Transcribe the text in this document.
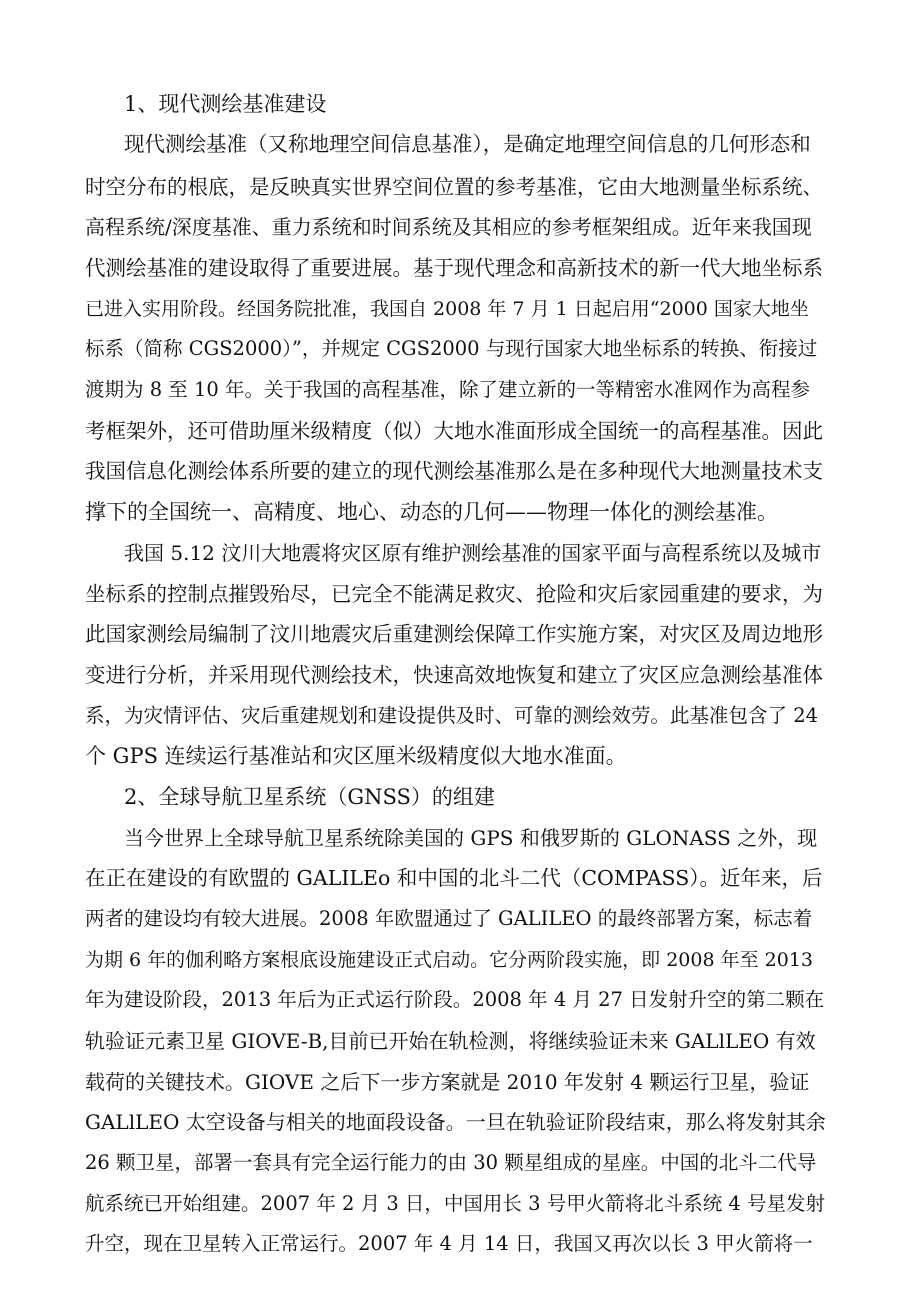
1、现代测绘基准建设
现代测绘基准（又称地理空间信息基准），是确定地理空间信息的几何形态和
时空分布的根底，是反映真实世界空间位置的参考基准，它由大地测量坐标系统、
高程系统/深度基准、重力系统和时间系统及其相应的参考框架组成。近年来我国现
代测绘基准的建设取得了重要进展。基于现代理念和高新技术的新一代大地坐标系
已进入实用阶段。经国务院批准，我国自 2008 年 7 月 1 日起启用“2000 国家大地坐
标系（简称 CGS2000）”，并规定 CGS2000 与现行国家大地坐标系的转换、衔接过
渡期为 8 至 10 年。关于我国的高程基准，除了建立新的一等精密水准网作为高程参
考框架外，还可借助厘米级精度（似）大地水准面形成全国统一的高程基准。因此
我国信息化测绘体系所要的建立的现代测绘基准那么是在多种现代大地测量技术支
撑下的全国统一、高精度、地心、动态的几何——物理一体化的测绘基准。
我国 5.12 汶川大地震将灾区原有维护测绘基准的国家平面与高程系统以及城市
坐标系的控制点摧毁殆尽，已完全不能满足救灾、抢险和灾后家园重建的要求，为
此国家测绘局编制了汶川地震灾后重建测绘保障工作实施方案，对灾区及周边地形
变进行分析，并采用现代测绘技术，快速高效地恢复和建立了灾区应急测绘基准体
系，为灾情评估、灾后重建规划和建设提供及时、可靠的测绘效劳。此基准包含了 24
个 GPS 连续运行基准站和灾区厘米级精度似大地水准面。
2、全球导航卫星系统（GNSS）的组建
当今世界上全球导航卫星系统除美国的 GPS 和俄罗斯的 GLONASS 之外，现
在正在建设的有欧盟的 GALILEo 和中国的北斗二代（COMPASS）。近年来，后
两者的建设均有较大进展。2008 年欧盟通过了 GALILEO 的最终部署方案，标志着
为期 6 年的伽利略方案根底设施建设正式启动。它分两阶段实施，即 2008 年至 2013
年为建设阶段，2013 年后为正式运行阶段。2008 年 4 月 27 日发射升空的第二颗在
轨验证元素卫星 GIOVE-B,目前已开始在轨检测，将继续验证未来 GALlLEO 有效
载荷的关键技术。GIOVE 之后下一步方案就是 2010 年发射 4 颗运行卫星，验证
GALlLEO 太空设备与相关的地面段设备。一旦在轨验证阶段结束，那么将发射其余
26 颗卫星，部署一套具有完全运行能力的由 30 颗星组成的星座。中国的北斗二代导
航系统已开始组建。2007 年 2 月 3 日，中国用长 3 号甲火箭将北斗系统 4 号星发射
升空，现在卫星转入正常运行。2007 年 4 月 14 日，我国又再次以长 3 甲火箭将一
